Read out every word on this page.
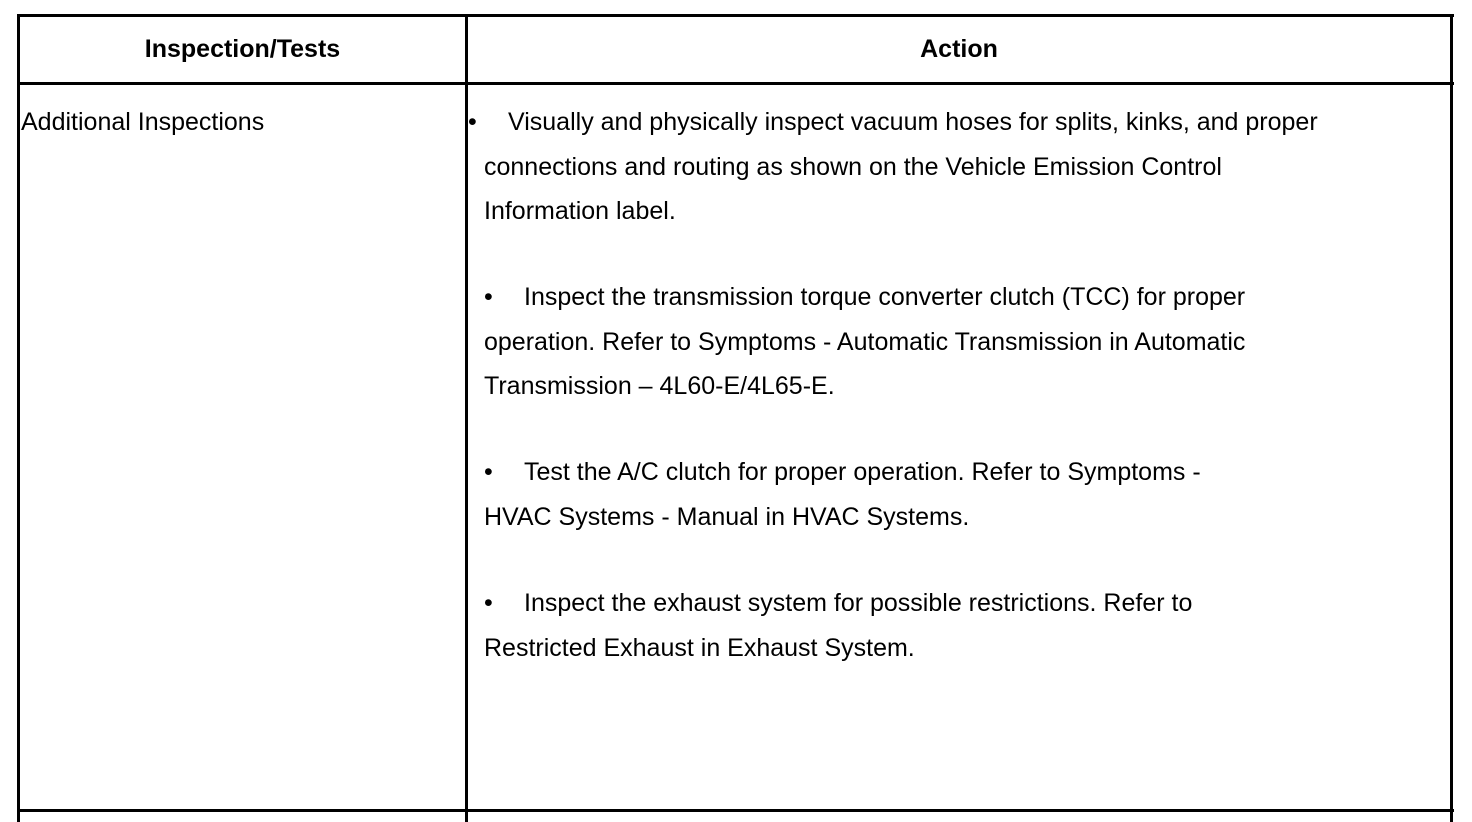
Inspection/Tests	Action
Additional Inspections	• Visually and physically inspect vacuum hoses for splits, kinks, and proper
connections and routing as shown on the Vehicle Emission Control
Information label.
• Inspect the transmission torque converter clutch (TCC) for proper
operation. Refer to Symptoms - Automatic Transmission in Automatic
Transmission – 4L60-E/4L65-E.
• Test the A/C clutch for proper operation. Refer to Symptoms -
HVAC Systems - Manual in HVAC Systems.
• Inspect the exhaust system for possible restrictions. Refer to
Restricted Exhaust in Exhaust System.
